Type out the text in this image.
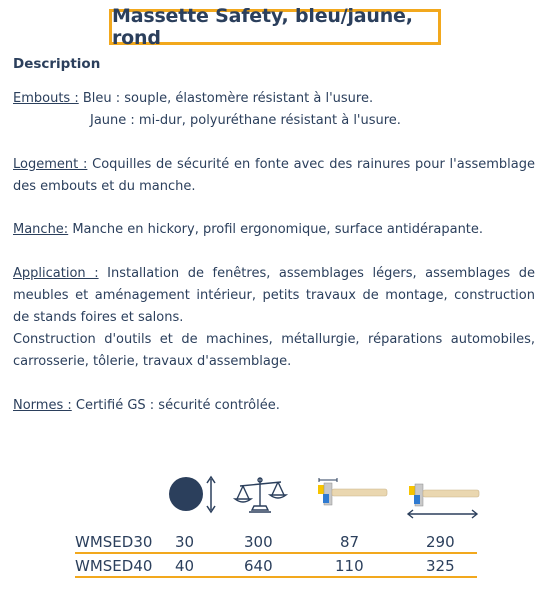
Massette Safety, bleu/jaune, rond
Description
Embouts : Bleu : souple, élastomère résistant à l'usure.
Jaune : mi-dur, polyuréthane résistant à l'usure.
Logement : Coquilles de sécurité en fonte avec des rainures pour l'assemblage des embouts et du manche.
Manche: Manche en hickory, profil ergonomique, surface antidérapante.
Application : Installation de fenêtres, assemblages légers, assemblages de meubles et aménagement intérieur, petits travaux de montage, construction de stands foires et salons.
Construction d'outils et de machines, métallurgie, réparations automobiles, carrosserie, tôlerie, travaux d'assemblage.
Normes : Certifié GS : sécurité contrôlée.
WMSED30 30	300	87	290
WMSED40 40	640	110	325
